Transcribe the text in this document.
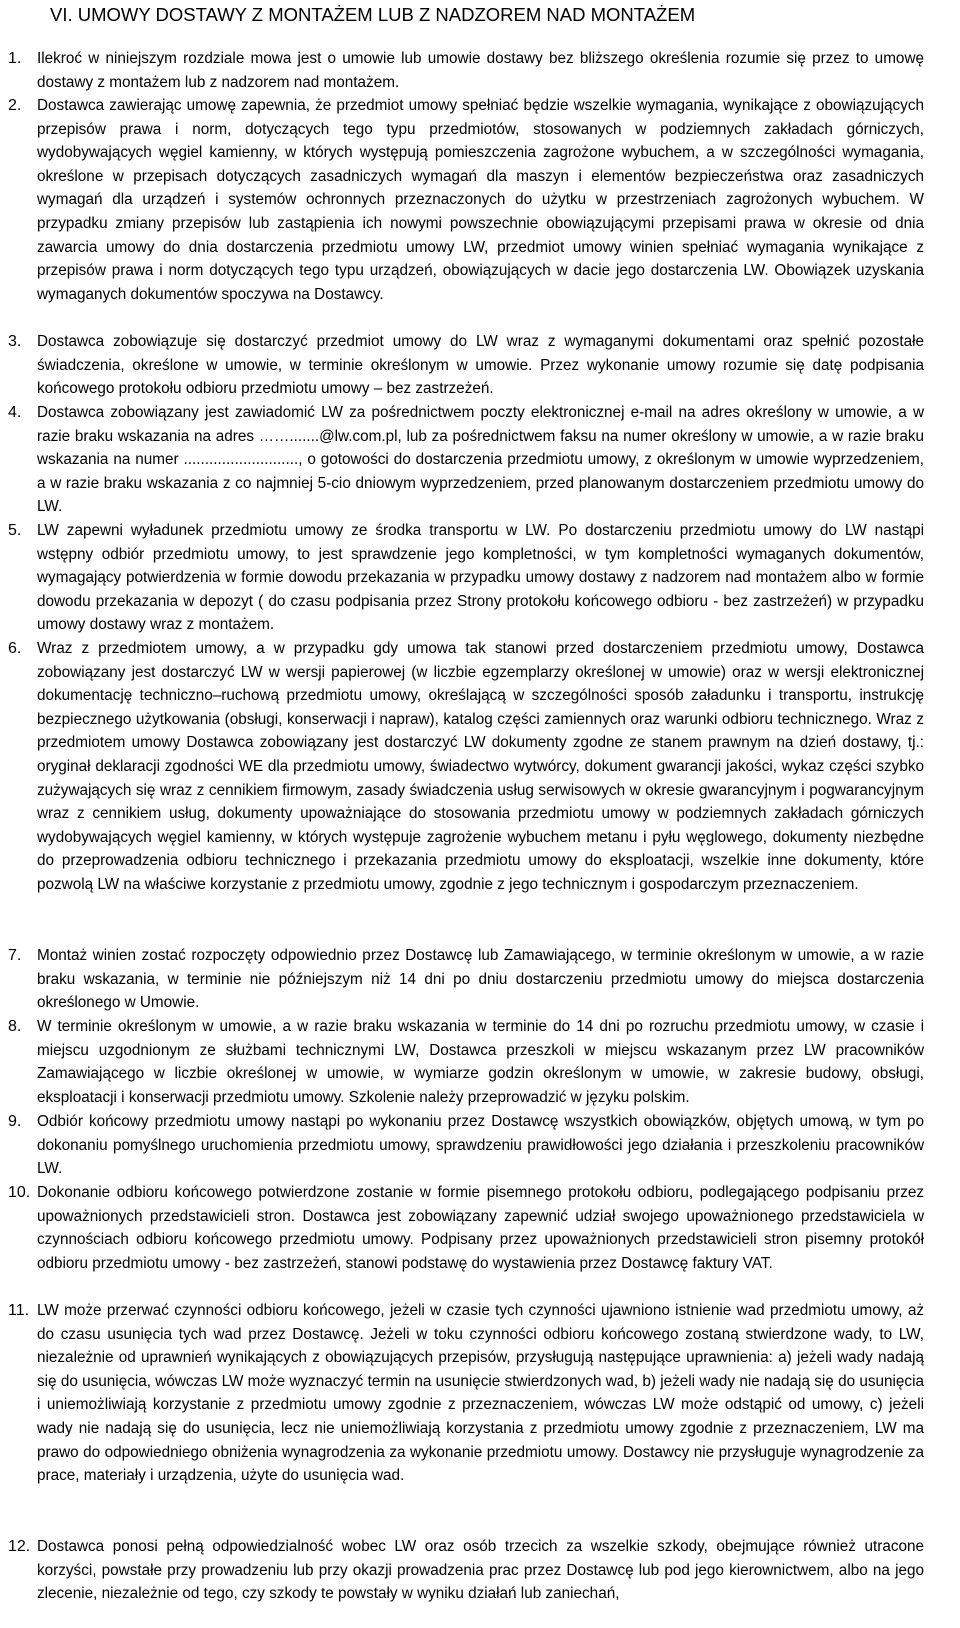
VI. UMOWY DOSTAWY Z MONTAŻEM LUB Z NADZOREM NAD MONTAŻEM
1. Ilekroć w niniejszym rozdziale mowa jest o umowie lub umowie dostawy bez bliższego określenia rozumie się przez to umowę dostawy z montażem lub z nadzorem nad montażem.
2. Dostawca zawierając umowę zapewnia, że przedmiot umowy spełniać będzie wszelkie wymagania, wynikające z obowiązujących przepisów prawa i norm, dotyczących tego typu przedmiotów, stosowanych w podziemnych zakładach górniczych, wydobywających węgiel kamienny, w których występują pomieszczenia zagrożone wybuchem, a w szczególności wymagania, określone w przepisach dotyczących zasadniczych wymagań dla maszyn i elementów bezpieczeństwa oraz zasadniczych wymagań dla urządzeń i systemów ochronnych przeznaczonych do użytku w przestrzeniach zagrożonych wybuchem. W przypadku zmiany przepisów lub zastąpienia ich nowymi powszechnie obowiązującymi przepisami prawa w okresie od dnia zawarcia umowy do dnia dostarczenia przedmiotu umowy LW, przedmiot umowy winien spełniać wymagania wynikające z przepisów prawa i norm dotyczących tego typu urządzeń, obowiązujących w dacie jego dostarczenia LW. Obowiązek uzyskania wymaganych dokumentów spoczywa na Dostawcy.
3. Dostawca zobowiązuje się dostarczyć przedmiot umowy do LW wraz z wymaganymi dokumentami oraz spełnić pozostałe świadczenia, określone w umowie, w terminie określonym w umowie. Przez wykonanie umowy rozumie się datę podpisania końcowego protokołu odbioru przedmiotu umowy – bez zastrzeżeń.
4. Dostawca zobowiązany jest zawiadomić LW za pośrednictwem poczty elektronicznej e-mail na adres określony w umowie, a w razie braku wskazania na adres …….......@lw.com.pl, lub za pośrednictwem faksu na numer określony w umowie, a w razie braku wskazania na numer ..........................., o gotowości do dostarczenia przedmiotu umowy, z określonym w umowie wyprzedzeniem, a w razie braku wskazania z co najmniej 5-cio dniowym wyprzedzeniem, przed planowanym dostarczeniem przedmiotu umowy do LW.
5. LW zapewni wyładunek przedmiotu umowy ze środka transportu w LW. Po dostarczeniu przedmiotu umowy do LW nastąpi wstępny odbiór przedmiotu umowy, to jest sprawdzenie jego kompletności, w tym kompletności wymaganych dokumentów, wymagający potwierdzenia w formie dowodu przekazania w przypadku umowy dostawy z nadzorem nad montażem albo w formie dowodu przekazania w depozyt ( do czasu podpisania przez Strony protokołu końcowego odbioru - bez zastrzeżeń) w przypadku umowy dostawy wraz z montażem.
6. Wraz z przedmiotem umowy, a w przypadku gdy umowa tak stanowi przed dostarczeniem przedmiotu umowy, Dostawca zobowiązany jest dostarczyć LW w wersji papierowej (w liczbie egzemplarzy określonej w umowie) oraz w wersji elektronicznej dokumentację techniczno–ruchową przedmiotu umowy, określającą w szczególności sposób załadunku i transportu, instrukcję bezpiecznego użytkowania (obsługi, konserwacji i napraw), katalog części zamiennych oraz warunki odbioru technicznego. Wraz z przedmiotem umowy Dostawca zobowiązany jest dostarczyć LW dokumenty zgodne ze stanem prawnym na dzień dostawy, tj.: oryginał deklaracji zgodności WE dla przedmiotu umowy, świadectwo wytwórcy, dokument gwarancji jakości, wykaz części szybko zużywających się wraz z cennikiem firmowym, zasady świadczenia usług serwisowych w okresie gwarancyjnym i pogwarancyjnym wraz z cennikiem usług, dokumenty upoważniające do stosowania przedmiotu umowy w podziemnych zakładach górniczych wydobywających węgiel kamienny, w których występuje zagrożenie wybuchem metanu i pyłu węglowego, dokumenty niezbędne do przeprowadzenia odbioru technicznego i przekazania przedmiotu umowy do eksploatacji, wszelkie inne dokumenty, które pozwolą LW na właściwe korzystanie z przedmiotu umowy, zgodnie z jego technicznym i gospodarczym przeznaczeniem.
7. Montaż winien zostać rozpoczęty odpowiednio przez Dostawcę lub Zamawiającego, w terminie określonym w umowie, a w razie braku wskazania, w terminie nie późniejszym niż 14 dni po dniu dostarczeniu przedmiotu umowy do miejsca dostarczenia określonego w Umowie.
8. W terminie określonym w umowie, a w razie braku wskazania w terminie do 14 dni po rozruchu przedmiotu umowy, w czasie i miejscu uzgodnionym ze służbami technicznymi LW, Dostawca przeszkoli w miejscu wskazanym przez LW pracowników Zamawiającego w liczbie określonej w umowie, w wymiarze godzin określonym w umowie, w zakresie budowy, obsługi, eksploatacji i konserwacji przedmiotu umowy. Szkolenie należy przeprowadzić w języku polskim.
9. Odbiór końcowy przedmiotu umowy nastąpi po wykonaniu przez Dostawcę wszystkich obowiązków, objętych umową, w tym po dokonaniu pomyślnego uruchomienia przedmiotu umowy, sprawdzeniu prawidłowości jego działania i przeszkoleniu pracowników LW.
10. Dokonanie odbioru końcowego potwierdzone zostanie w formie pisemnego protokołu odbioru, podlegającego podpisaniu przez upoważnionych przedstawicieli stron. Dostawca jest zobowiązany zapewnić udział swojego upoważnionego przedstawiciela w czynnościach odbioru końcowego przedmiotu umowy. Podpisany przez upoważnionych przedstawicieli stron pisemny protokół odbioru przedmiotu umowy - bez zastrzeżeń, stanowi podstawę do wystawienia przez Dostawcę faktury VAT.
11. LW może przerwać czynności odbioru końcowego, jeżeli w czasie tych czynności ujawniono istnienie wad przedmiotu umowy, aż do czasu usunięcia tych wad przez Dostawcę. Jeżeli w toku czynności odbioru końcowego zostaną stwierdzone wady, to LW, niezależnie od uprawnień wynikających z obowiązujących przepisów, przysługują następujące uprawnienia: a) jeżeli wady nadają się do usunięcia, wówczas LW może wyznaczyć termin na usunięcie stwierdzonych wad, b) jeżeli wady nie nadają się do usunięcia i uniemożliwiają korzystanie z przedmiotu umowy zgodnie z przeznaczeniem, wówczas LW może odstąpić od umowy, c) jeżeli wady nie nadają się do usunięcia, lecz nie uniemożliwiają korzystania z przedmiotu umowy zgodnie z przeznaczeniem, LW ma prawo do odpowiedniego obniżenia wynagrodzenia za wykonanie przedmiotu umowy. Dostawcy nie przysługuje wynagrodzenie za prace, materiały i urządzenia, użyte do usunięcia wad.
12. Dostawca ponosi pełną odpowiedzialność wobec LW oraz osób trzecich za wszelkie szkody, obejmujące również utracone korzyści, powstałe przy prowadzeniu lub przy okazji prowadzenia prac przez Dostawcę lub pod jego kierownictwem, albo na jego zlecenie, niezależnie od tego, czy szkody te powstały w wyniku działań lub zaniechań,
